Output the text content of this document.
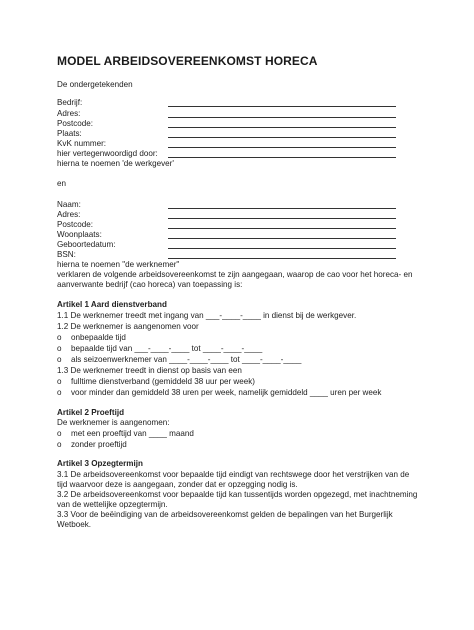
MODEL ARBEIDSOVEREENKOMST HORECA
De ondergetekenden
Bedrijf:
Adres:
Postcode:
Plaats:
KvK nummer:
hier vertegenwoordigd door:
hierna te noemen 'de werkgever'
en
Naam:
Adres:
Postcode:
Woonplaats:
Geboortedatum:
BSN:
hierna te noemen "de werknemer"
verklaren de volgende arbeidsovereenkomst te zijn aangegaan, waarop de cao voor het horeca- en
aanverwante bedrijf (cao horeca) van toepassing is:
Artikel 1 Aard dienstverband
1.1 De werknemer treedt met ingang van ___-____-____ in dienst bij de werkgever.
1.2 De werknemer is aangenomen voor
o onbepaalde tijd
o bepaalde tijd van ___-____-____ tot ____-____-____
o als seizoenwerknemer van ____-____-____ tot ____-____-____
1.3 De werknemer treedt in dienst op basis van een
o fulltime dienstverband (gemiddeld 38 uur per week)
o voor minder dan gemiddeld 38 uren per week, namelijk gemiddeld ____ uren per week
Artikel 2 Proeftijd
De werknemer is aangenomen:
o met een proeftijd van ____ maand
o zonder proeftijd
Artikel 3 Opzegtermijn
3.1 De arbeidsovereenkomst voor bepaalde tijd eindigt van rechtswege door het verstrijken van de
tijd waarvoor deze is aangegaan, zonder dat er opzegging nodig is.
3.2 De arbeidsovereenkomst voor bepaalde tijd kan tussentijds worden opgezegd, met inachtneming
van de wettelijke opzegtermijn.
3.3 Voor de beëindiging van de arbeidsovereenkomst gelden de bepalingen van het Burgerlijk
Wetboek.
